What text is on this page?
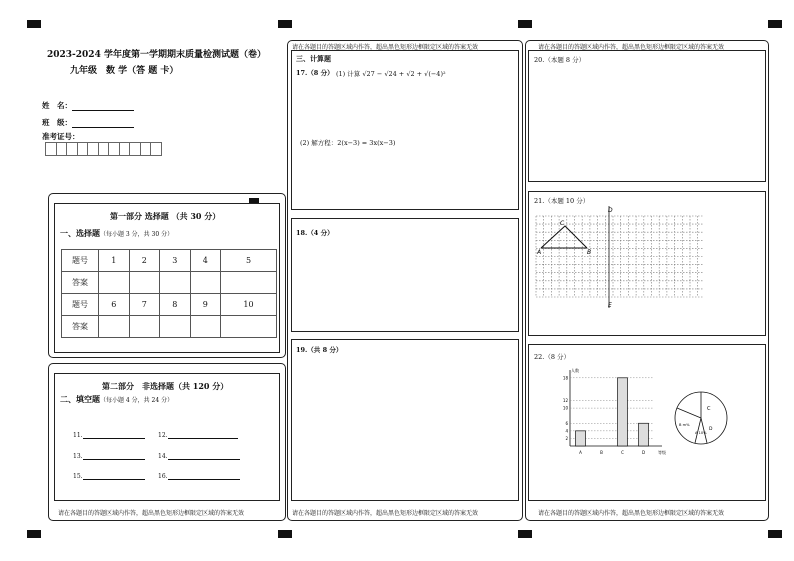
2023-2024 学年度第一学期期末质量检测试题（卷）
九年级　数 学（答 题 卡）
姓　名：
班　级：
准考证号：
第一部分 选择题 （共 30 分）
一、选择题（每小题 3 分，共 30 分）
题号	1	2	3	4	5
答案					
题号	6	7	8	9	10
答案					
第二部分　非选择题（共 120 分）
二、填空题（每小题 4 分，共 24 分）
11.	12.
13.	14.
15.	16.
请在各题目的答题区域内作答，超出黑色矩形边框限定区域的答案无效
请在各题目的答题区域内作答，超出黑色矩形边框限定区域的答案无效
三、计算题
17.（8 分） (1) 计算 √27 − √24 + √2 + √(−4)²
(2) 解方程：2(x−3) = 3x(x−3)
18.（4 分）
19.（共 8 分）
请在各题目的答题区域内作答，超出黑色矩形边框限定区域的答案无效
请在各题目的答题区域内作答，超出黑色矩形边框限定区域的答案无效
20.（本题 8 分）
21.（本题 10 分）
A	B
C
D
E
22.（8 分）
2
4
6
10
12
18
A	B	C	D
人数
等级
C
D
A 10%
B m%
请在各题目的答题区域内作答，超出黑色矩形边框限定区域的答案无效
